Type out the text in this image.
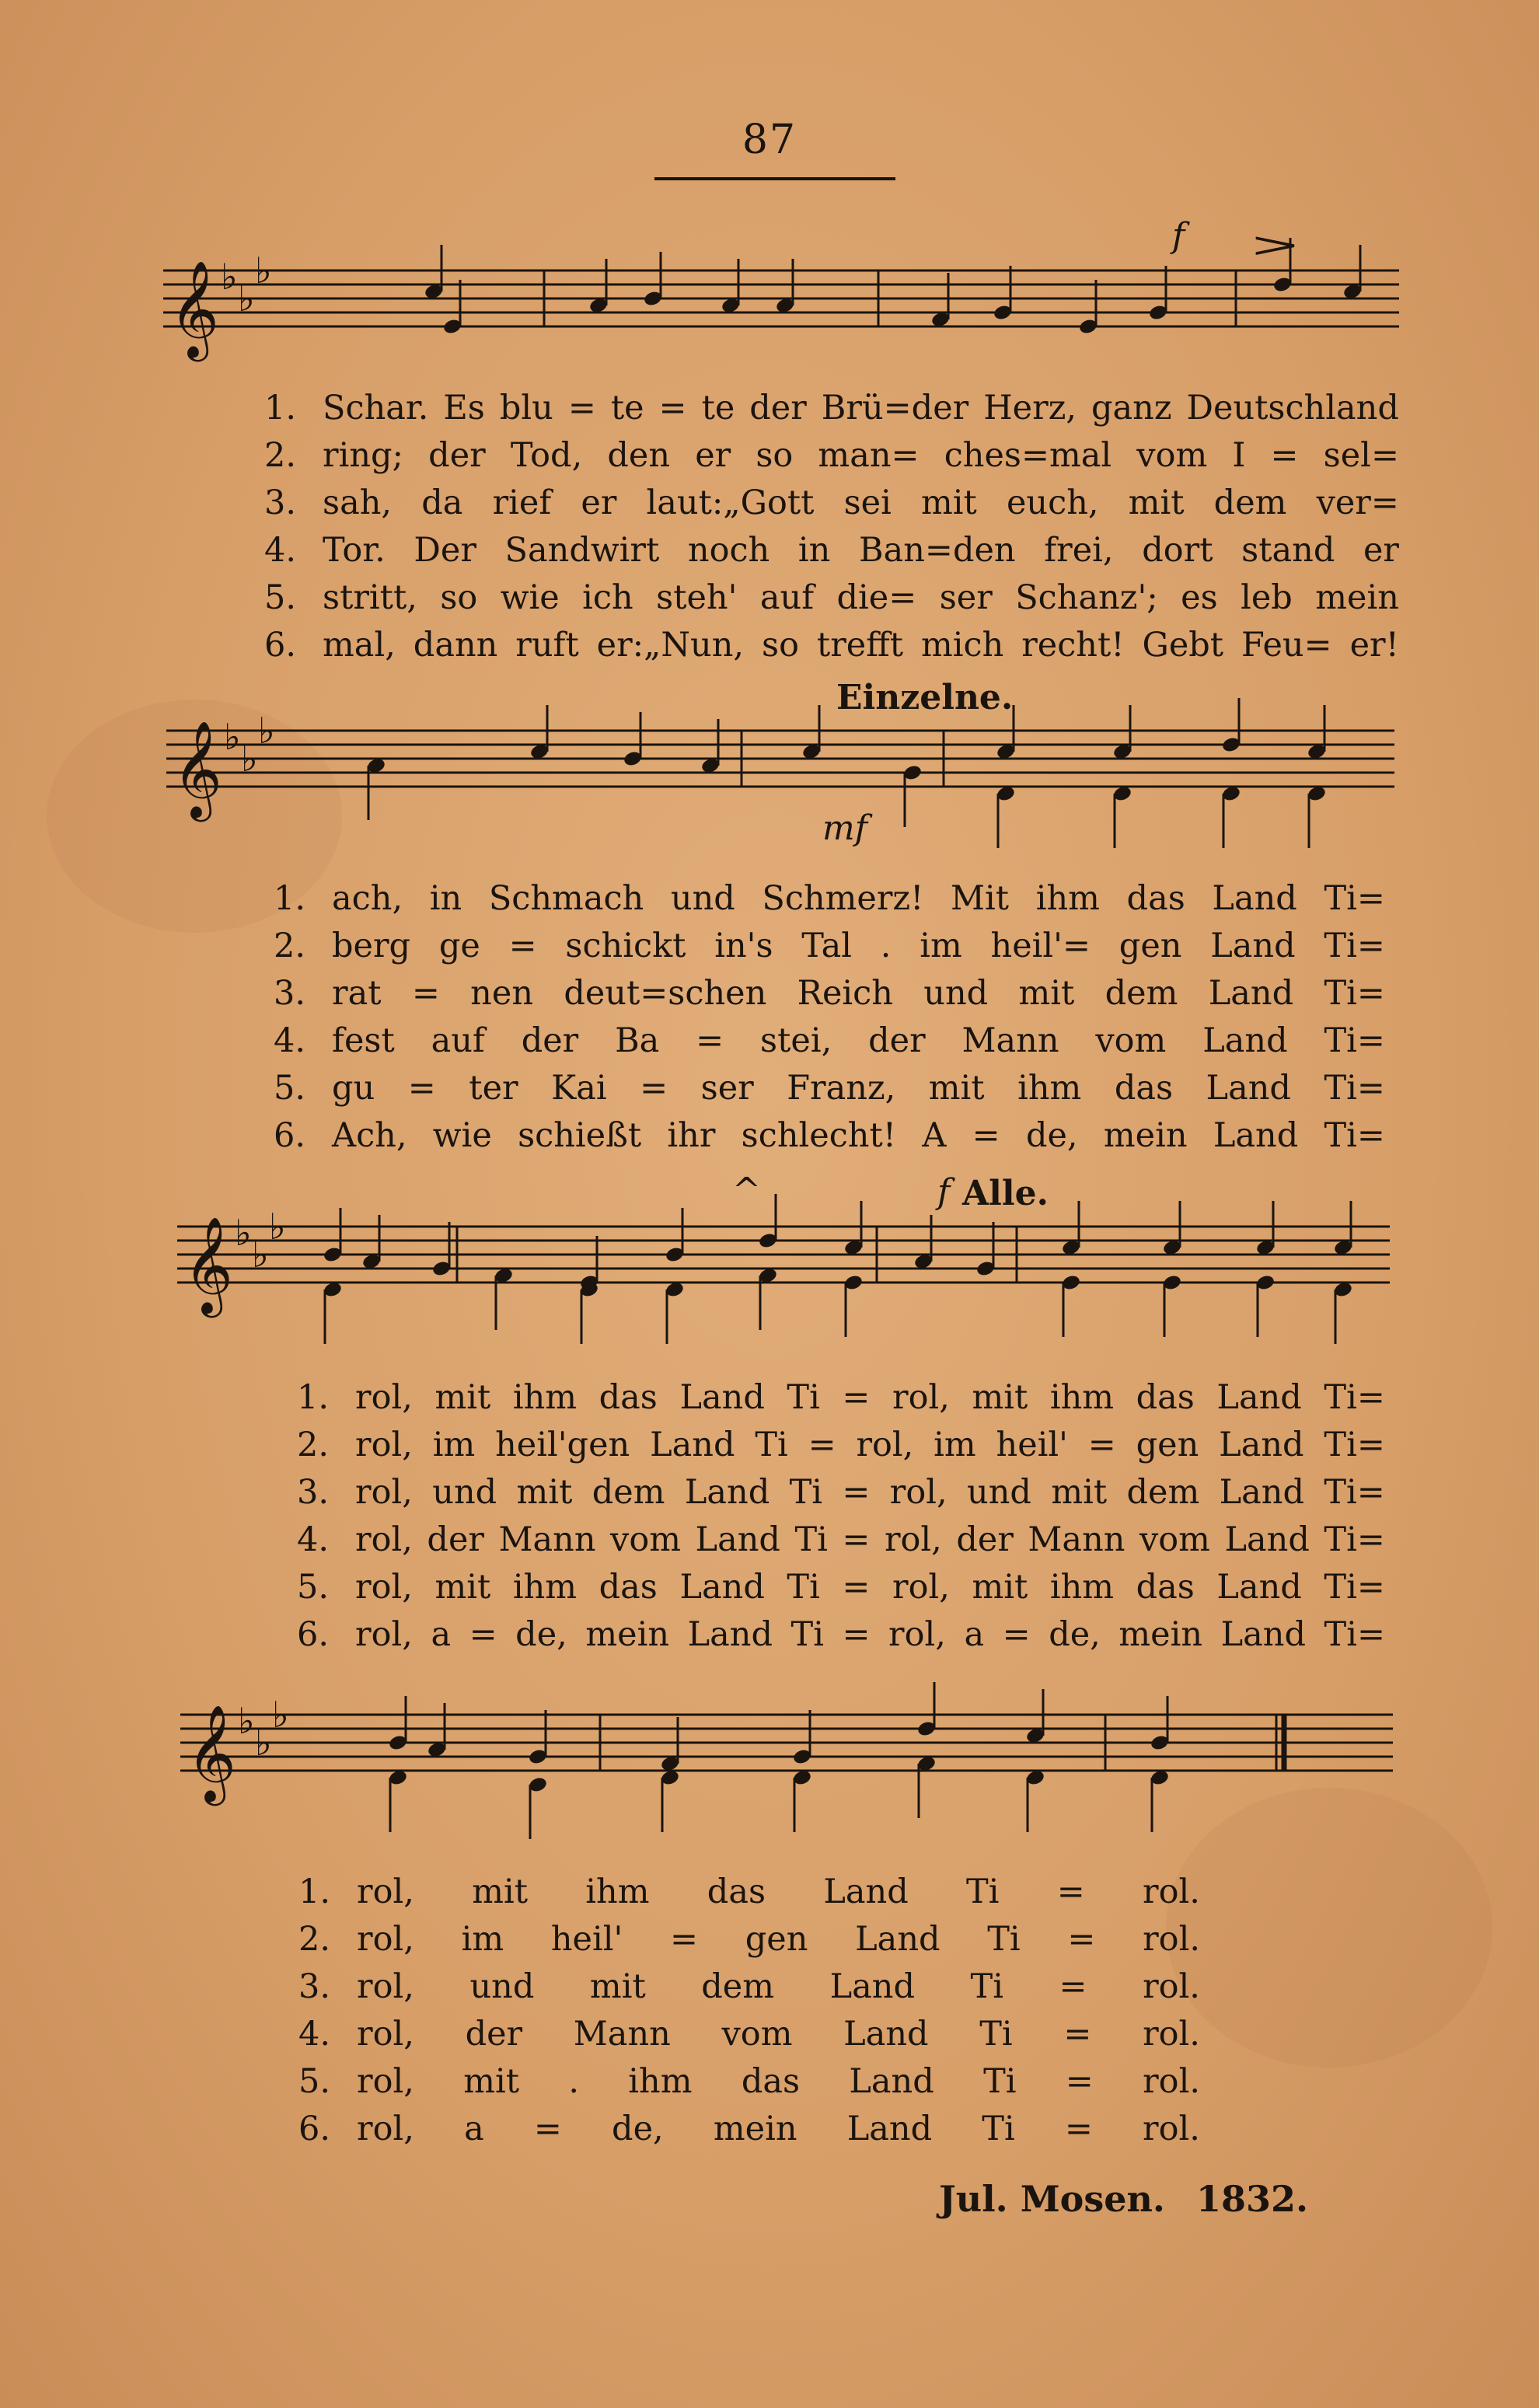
87
𝄞 ♭
♭
♭
f >
1. Schar. Es blu = te = te der Brü=der Herz, ganz Deutschland
2. ring; der Tod, den er so man= ches=mal vom I = sel=
3. sah, da rief er laut:„Gott sei mit euch, mit dem ver=
4. Tor. Der Sandwirt noch in Ban=den frei, dort stand er
5. stritt, so wie ich steh' auf die= ser Schanz'; es leb mein
6. mal, dann ruft er:„Nun, so trefft mich recht! Gebt Feu= er!
Einzelne.
𝄞 ♭
♭
♭
mf
1. ach, in Schmach und Schmerz! Mit ihm das Land Ti=
2. berg ge = schickt in's Tal . im heil'= gen Land Ti=
3. rat = nen deut=schen Reich und mit dem Land Ti=
4. fest auf der Ba = stei, der Mann vom Land Ti=
5. gu = ter Kai = ser Franz, mit ihm das Land Ti=
6. Ach, wie schießt ihr schlecht! A = de, mein Land Ti=
^	f Alle.
𝄞 ♭
♭
♭
1. rol, mit ihm das Land Ti = rol, mit ihm das Land Ti=
2. rol, im heil'gen Land Ti = rol, im heil' = gen Land Ti=
3. rol, und mit dem Land Ti = rol, und mit dem Land Ti=
4. rol, der Mann vom Land Ti = rol, der Mann vom Land Ti=
5. rol, mit ihm das Land Ti = rol, mit ihm das Land Ti=
6. rol, a = de, mein Land Ti = rol, a = de, mein Land Ti=
𝄞 ♭
♭
♭
1. rol, mit ihm das Land Ti = rol.
2. rol, im heil' = gen Land Ti = rol.
3. rol, und mit dem Land Ti = rol.
4. rol, der Mann vom Land Ti = rol.
5. rol, mit . ihm das Land Ti = rol.
6. rol, a = de, mein Land Ti = rol.
Jul. Mosen. 1832.
